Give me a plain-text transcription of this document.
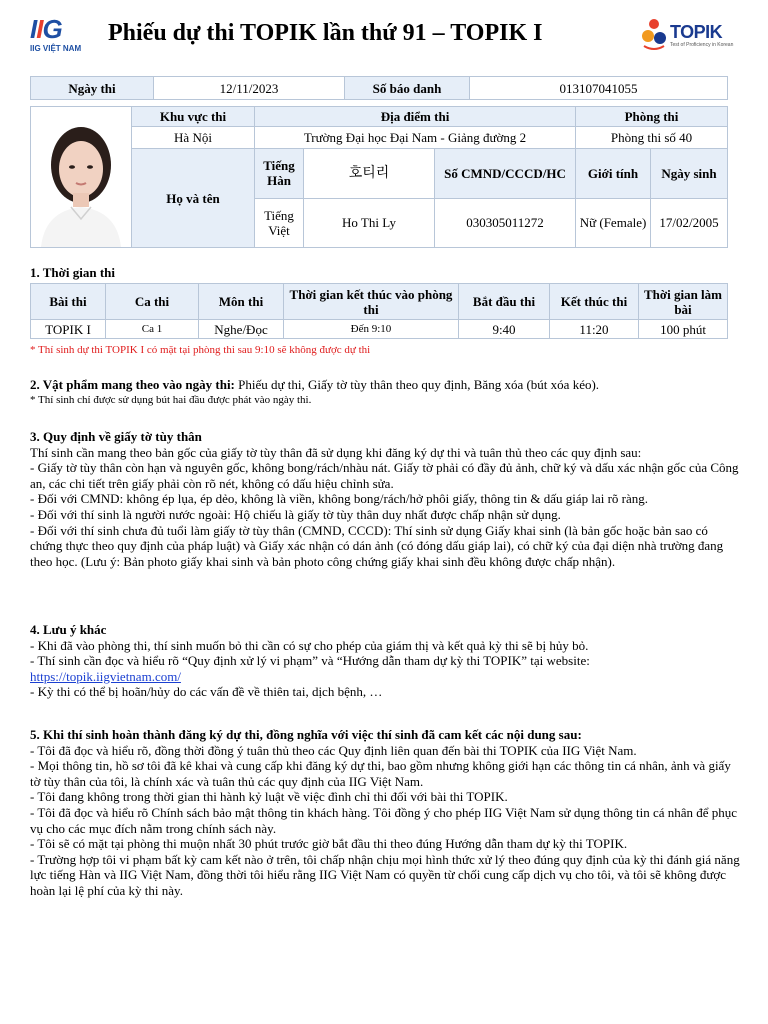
IIG
IIG VIỆT NAM
Phiếu dự thi TOPIK lần thứ 91 – TOPIK I	TOPIK
Test of Proficiency in Korean
Ngày thi	12/11/2023	Số báo danh	013107041055
	Khu vực thi	Địa điểm thi			Phòng thi	
	Hà Nội	Trường Đại học Đại Nam - Giảng đường 2			Phòng thi số 40	
	Họ và tên	Tiếng Hàn	호티리	Số CMND/CCCD/HC	Giới tính	Ngày sinh
		Tiếng Việt	Ho Thi Ly	030305011272	Nữ (Female)	17/02/2005

1. Thời gian thi
Bài thi	Ca thi	Môn thi	Thời gian kết thúc vào phòng thi	Bắt đầu thi	Kết thúc thi	Thời gian làm bài
TOPIK I	Ca 1	Nghe/Đọc	Đến 9:10	9:40	11:20	100 phút
* Thí sinh dự thi TOPIK I có mặt tại phòng thi sau 9:10 sẽ không được dự thi

2. Vật phẩm mang theo vào ngày thi: Phiếu dự thi, Giấy tờ tùy thân theo quy định, Băng xóa (bút xóa kéo).

* Thí sinh chỉ được sử dụng bút hai đầu được phát vào ngày thi.

3. Quy định về giấy tờ tùy thân

Thí sinh cần mang theo bản gốc của giấy tờ tùy thân đã sử dụng khi đăng ký dự thi và tuân thủ theo các quy định sau:

- Giấy tờ tùy thân còn hạn và nguyên gốc, không bong/rách/nhàu nát. Giấy tờ phải có đầy đủ ảnh, chữ ký và dấu xác nhận gốc của Công an, các chi tiết trên giấy phải còn rõ nét, không có dấu hiệu chỉnh sửa.

- Đối với CMND: không ép lụa, ép dẻo, không là viền, không bong/rách/hở phôi giấy, thông tin & dấu giáp lai rõ ràng.

- Đối với thí sinh là người nước ngoài: Hộ chiếu là giấy tờ tùy thân duy nhất được chấp nhận sử dụng.

- Đối với thí sinh chưa đủ tuổi làm giấy tờ tùy thân (CMND, CCCD): Thí sinh sử dụng Giấy khai sinh (là bản gốc hoặc bản sao có chứng thực theo quy định của pháp luật) và Giấy xác nhận có dán ảnh (có đóng dấu giáp lai), có chữ ký của đại diện nhà trường đang theo học. (Lưu ý: Bản photo giấy khai sinh và bản photo công chứng giấy khai sinh đều không được chấp nhận).

4. Lưu ý khác

- Khi đã vào phòng thi, thí sinh muốn bỏ thi cần có sự cho phép của giám thị và kết quả kỳ thi sẽ bị hủy bỏ.

- Thí sinh cần đọc và hiểu rõ “Quy định xử lý vi phạm” và “Hướng dẫn tham dự kỳ thi TOPIK” tại website:

https://topik.iigvietnam.com/

- Kỳ thi có thể bị hoãn/hủy do các vấn đề về thiên tai, dịch bệnh, …

5. Khi thí sinh hoàn thành đăng ký dự thi, đồng nghĩa với việc thí sinh đã cam kết các nội dung sau:

- Tôi đã đọc và hiểu rõ, đồng thời đồng ý tuân thủ theo các Quy định liên quan đến bài thi TOPIK của IIG Việt Nam.

- Mọi thông tin, hồ sơ tôi đã kê khai và cung cấp khi đăng ký dự thi, bao gồm nhưng không giới hạn các thông tin cá nhân, ảnh và giấy tờ tùy thân của tôi, là chính xác và tuân thủ các quy định của IIG Việt Nam.

- Tôi đang không trong thời gian thi hành kỷ luật về việc đình chỉ thi đối với bài thi TOPIK.

- Tôi đã đọc và hiểu rõ Chính sách bảo mật thông tin khách hàng. Tôi đồng ý cho phép IIG Việt Nam sử dụng thông tin cá nhân để phục vụ cho các mục đích nằm trong chính sách này.

- Tôi sẽ có mặt tại phòng thi muộn nhất 30 phút trước giờ bắt đầu thi theo đúng Hướng dẫn tham dự kỳ thi TOPIK.

- Trường hợp tôi vi phạm bất kỳ cam kết nào ở trên, tôi chấp nhận chịu mọi hình thức xử lý theo đúng quy định của kỳ thi đánh giá năng lực tiếng Hàn và IIG Việt Nam, đồng thời tôi hiểu rằng IIG Việt Nam có quyền từ chối cung cấp dịch vụ cho tôi, và tôi sẽ không được hoàn lại lệ phí của kỳ thi này.
